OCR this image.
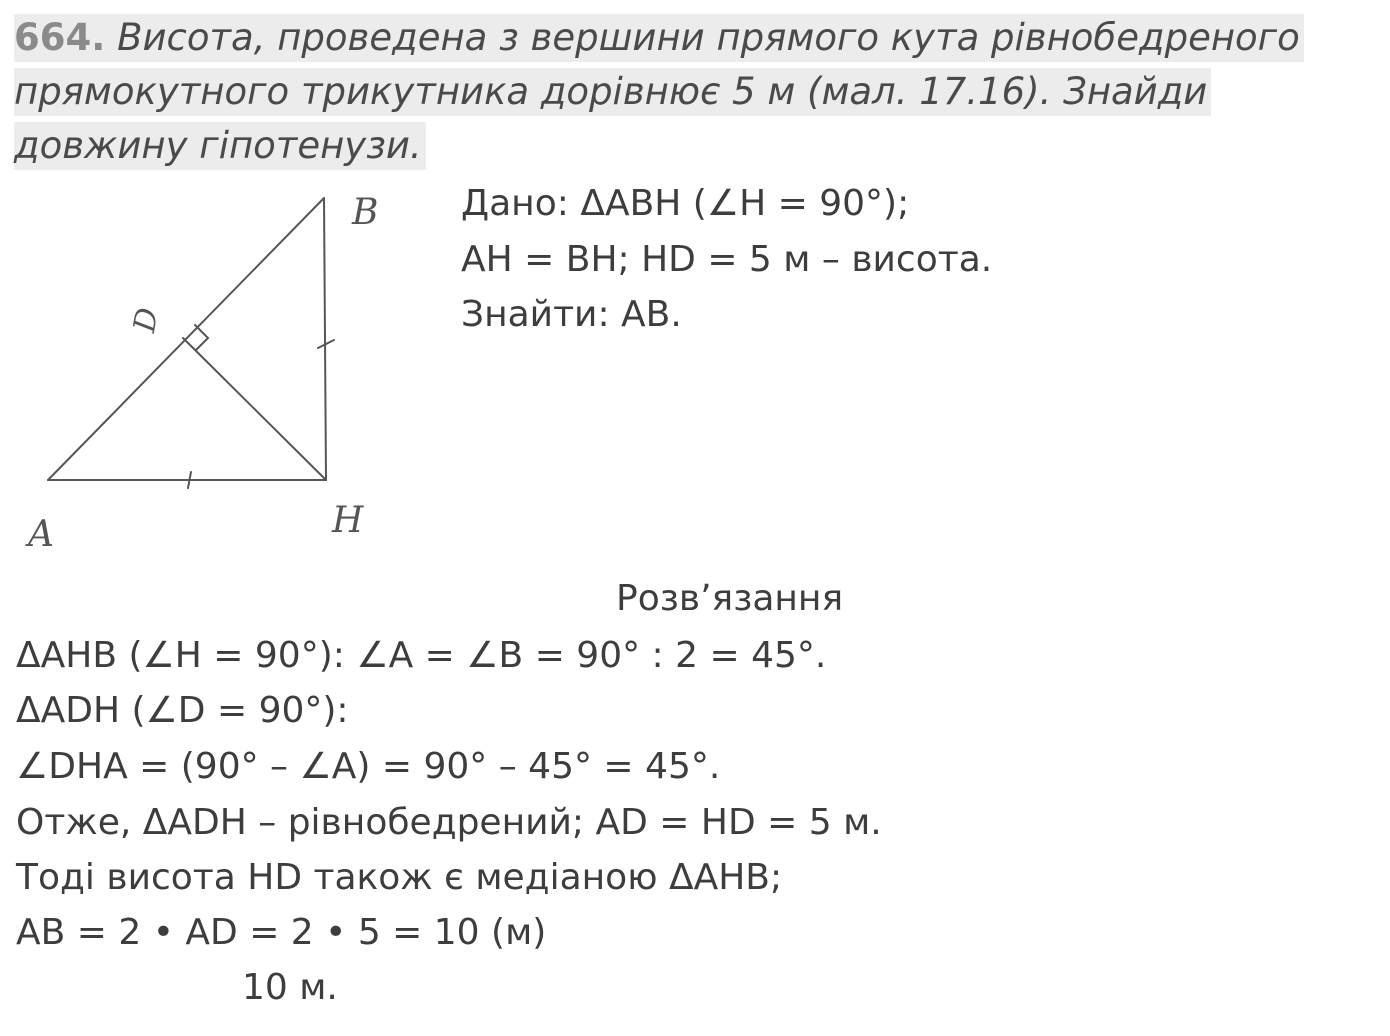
664. Висота, проведена з вершини прямого кута рівнобедреного
прямокутного трикутника дорівнює 5 м (мал. 17.16). Знайди
довжину гіпотенузи.
A
B
H
D
Дано: ΔABH (∠H = 90°);
AH = BH; HD = 5 м – висота.
Знайти: AB.
Розв’язання
ΔAHB (∠H = 90°): ∠A = ∠B = 90° : 2 = 45°.
ΔADH (∠D = 90°):
∠DHA = (90° – ∠A) = 90° – 45° = 45°.
Отже, ΔADH – рівнобедрений; AD = HD = 5 м.
Тоді висота HD також є медіаною ΔAHB;
AB = 2 • AD = 2 • 5 = 10 (м)
10 м.
